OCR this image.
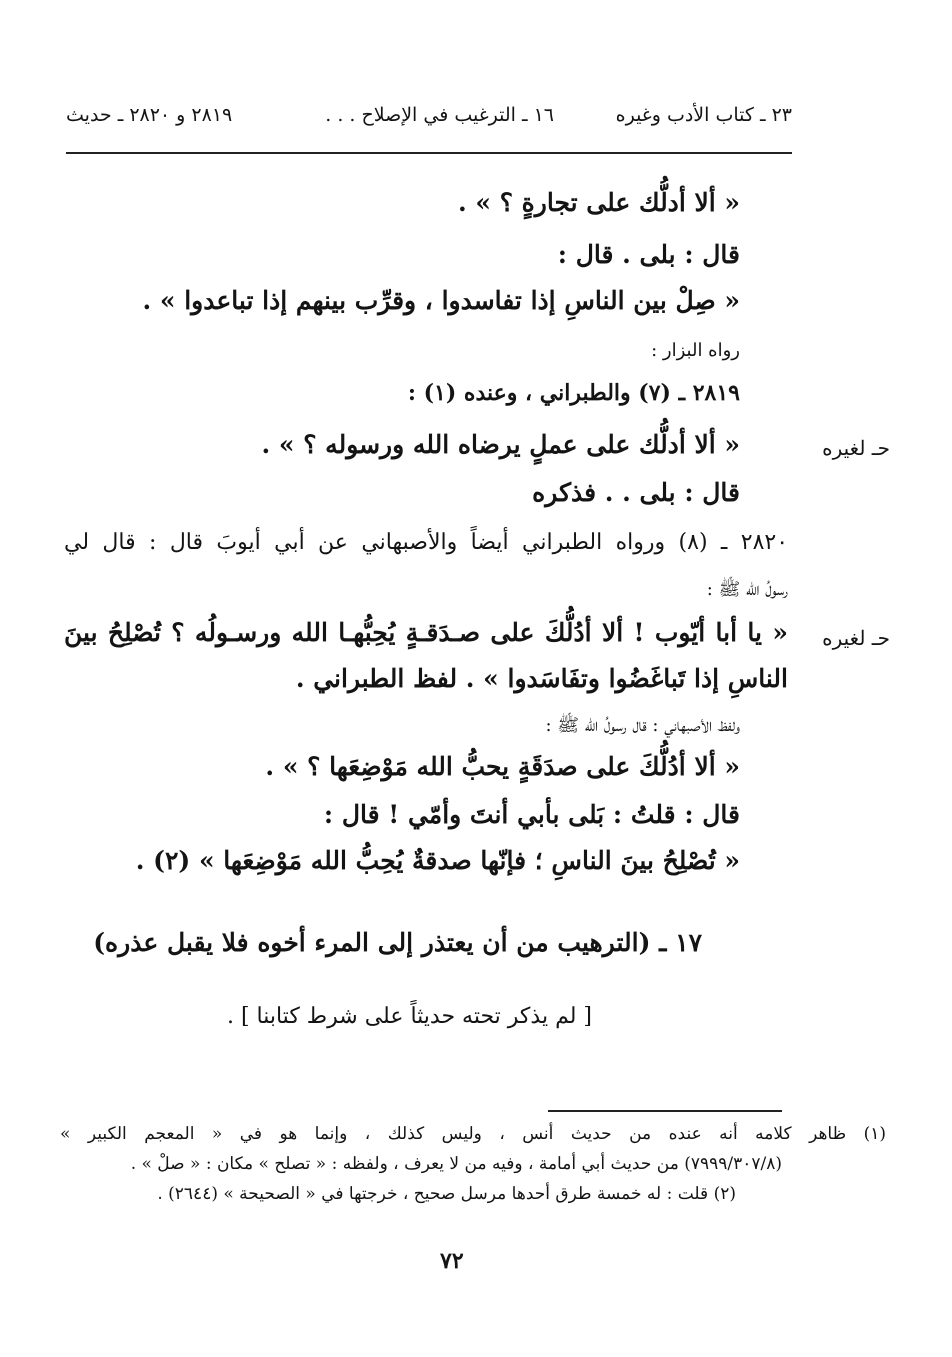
٢٣ ـ كتاب الأدب وغيره
١٦ ـ الترغيب في الإصلاح . . .
٢٨١٩ و ٢٨٢٠ ـ حديث
« ألا أدلُّك على تجارةٍ ؟ » .
قال : بلى . قال :
« صِلْ بين الناسِ إذا تفاسدوا ، وقرِّب بينهم إذا تباعدوا » .
رواه البزار :
٢٨١٩ ـ (٧) والطبراني ، وعنده (١) :
حـ لغيره
« ألا أدلُّك على عملٍ يرضاه الله ورسوله ؟ » .
قال : بلى . . فذكره
٢٨٢٠ ـ (٨) ورواه الطبراني أيضاً والأصبهاني عن أبي أيوبَ قال : قال لي
رسولُ الله ﷺ :
حـ لغيره
« يا أبا أيّوب ! ألا أدُلُّكَ على صـدَقـةٍ يُحِبُّهـا الله ورسـولُه ؟ تُصْلِحُ بينَ
الناسِ إذا تَباغَضُوا وتفَاسَدوا » . لفظ الطبراني .
ولفظ الأصبهاني : قال رسولُ الله ﷺ :
« ألا أدُلُّكَ على صدَقَةٍ يحبُّ الله مَوْضِعَها ؟ » .
قال : قلتُ : بَلى بأبي أنتَ وأمّي ! قال :
« تُصْلِحُ بينَ الناسِ ؛ فإنّها صدقةٌ يُحِبُّ الله مَوْضِعَها » (٢) .
١٧ ـ (الترهيب من أن يعتذر إلى المرء أخوه فلا يقبل عذره)
[ لم يذكر تحته حديثاً على شرط كتابنا ] .
(١) ظاهر كلامه أنه عنده من حديث أنس ، وليس كذلك ، وإنما هو في « المعجم الكبير »
(٧٩٩٩/٣٠٧/٨) من حديث أبي أمامة ، وفيه من لا يعرف ، ولفظه : « تصلح » مكان : « صلْ » .
(٢) قلت : له خمسة طرق أحدها مرسل صحيح ، خرجتها في « الصحيحة » (٢٦٤٤) .
٧٢
